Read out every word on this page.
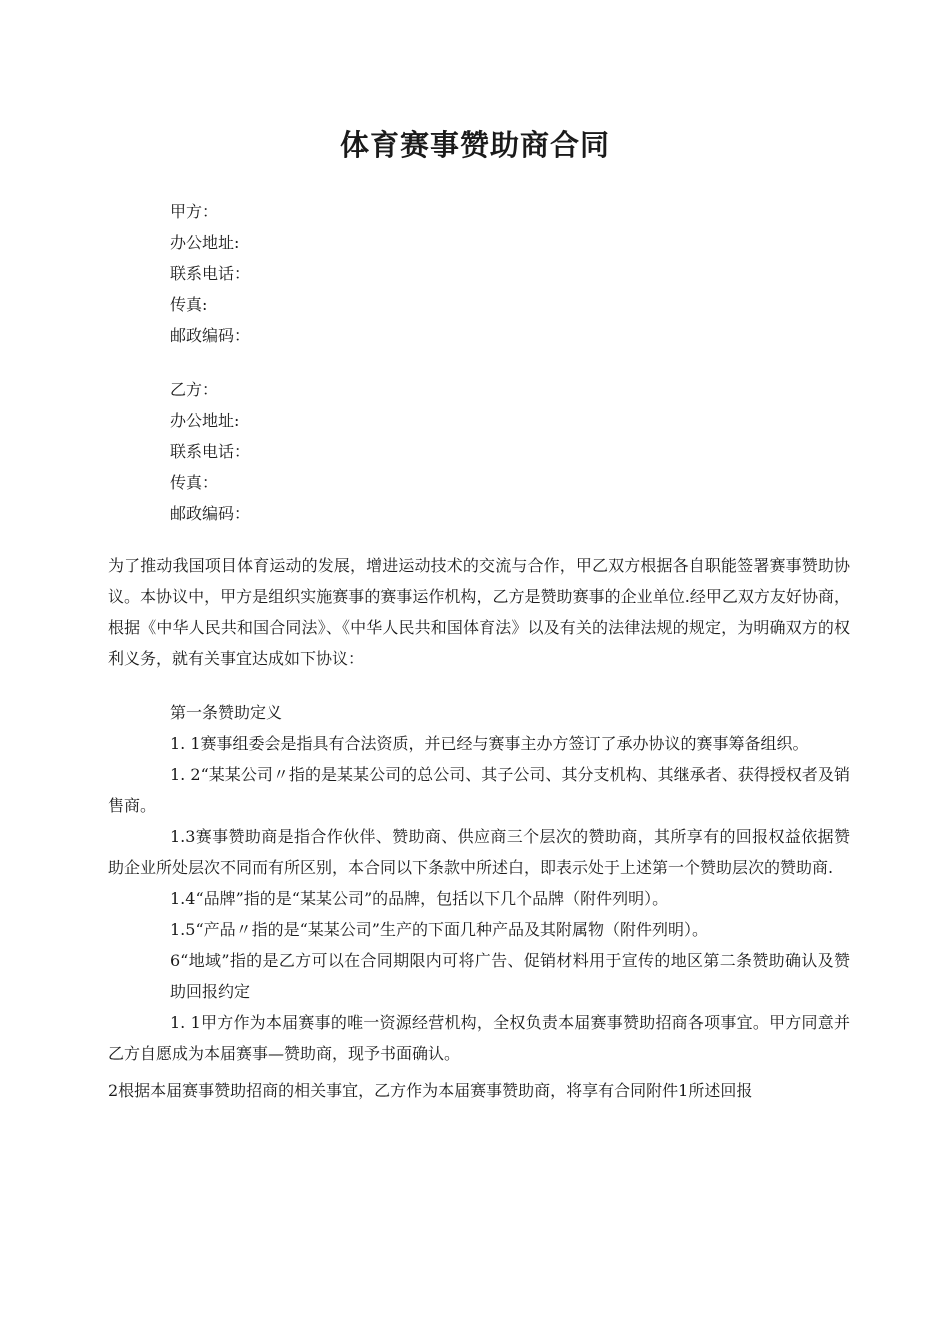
体育赛事赞助商合同
甲方：
办公地址:
联系电话：
传真:
邮政编码：
乙方：
办公地址:
联系电话：
传真：
邮政编码：

为了推动我国项目体育运动的发展，增进运动技术的交流与合作，甲乙双方根据各自职能签署赛事赞助协议。本协议中，甲方是组织实施赛事的赛事运作机构，乙方是赞助赛事的企业单位.经甲乙双方友好协商，根据《中华人民共和国合同法》、《中华人民共和国体育法》以及有关的法律法规的规定，为明确双方的权利义务，就有关事宜达成如下协议：

第一条赞助定义

1. 1赛事组委会是指具有合法资质，并已经与赛事主办方签订了承办协议的赛事筹备组织。

1. 2“某某公司〃指的是某某公司的总公司、其子公司、其分支机构、其继承者、获得授权者及销售商。

1.3赛事赞助商是指合作伙伴、赞助商、供应商三个层次的赞助商，其所享有的回报权益依据赞助企业所处层次不同而有所区别，本合同以下条款中所述白，即表示处于上述第一个赞助层次的赞助商.

1.4“品牌”指的是“某某公司”的品牌，包括以下几个品牌（附件列明）。

1.5“产品〃指的是“某某公司”生产的下面几种产品及其附属物（附件列明）。

6“地域”指的是乙方可以在合同期限内可将广告、促销材料用于宣传的地区第二条赞助确认及赞助回报约定

1. 1甲方作为本届赛事的唯一资源经营机构，全权负责本届赛事赞助招商各项事宜。甲方同意并乙方自愿成为本届赛事—赞助商，现予书面确认。

2根据本届赛事赞助招商的相关事宜，乙方作为本届赛事赞助商，将享有合同附件1所述回报
